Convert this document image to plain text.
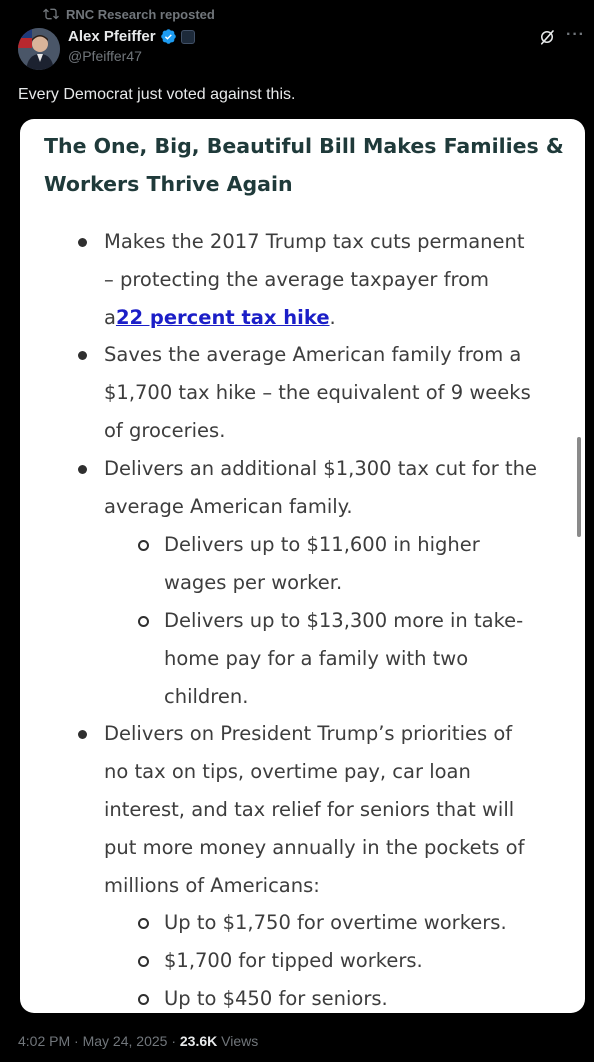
RNC Research reposted
Alex Pfeiffer
@Pfeiffer47
···
Every Democrat just voted against this.
The One, Big, Beautiful Bill Makes Families &
Workers Thrive Again
Makes the 2017 Trump tax cuts permanent
– protecting the average taxpayer from
a22 percent tax hike.
Saves the average American family from a
$1,700 tax hike – the equivalent of 9 weeks
of groceries.
Delivers an additional $1,300 tax cut for the
average American family.
Delivers up to $11,600 in higher
wages per worker.
Delivers up to $13,300 more in take-
home pay for a family with two
children.
Delivers on President Trump’s priorities of
no tax on tips, overtime pay, car loan
interest, and tax relief for seniors that will
put more money annually in the pockets of
millions of Americans:
Up to $1,750 for overtime workers.
$1,700 for tipped workers.
Up to $450 for seniors.
4:02 PM · May 24, 2025 · 23.6K Views
